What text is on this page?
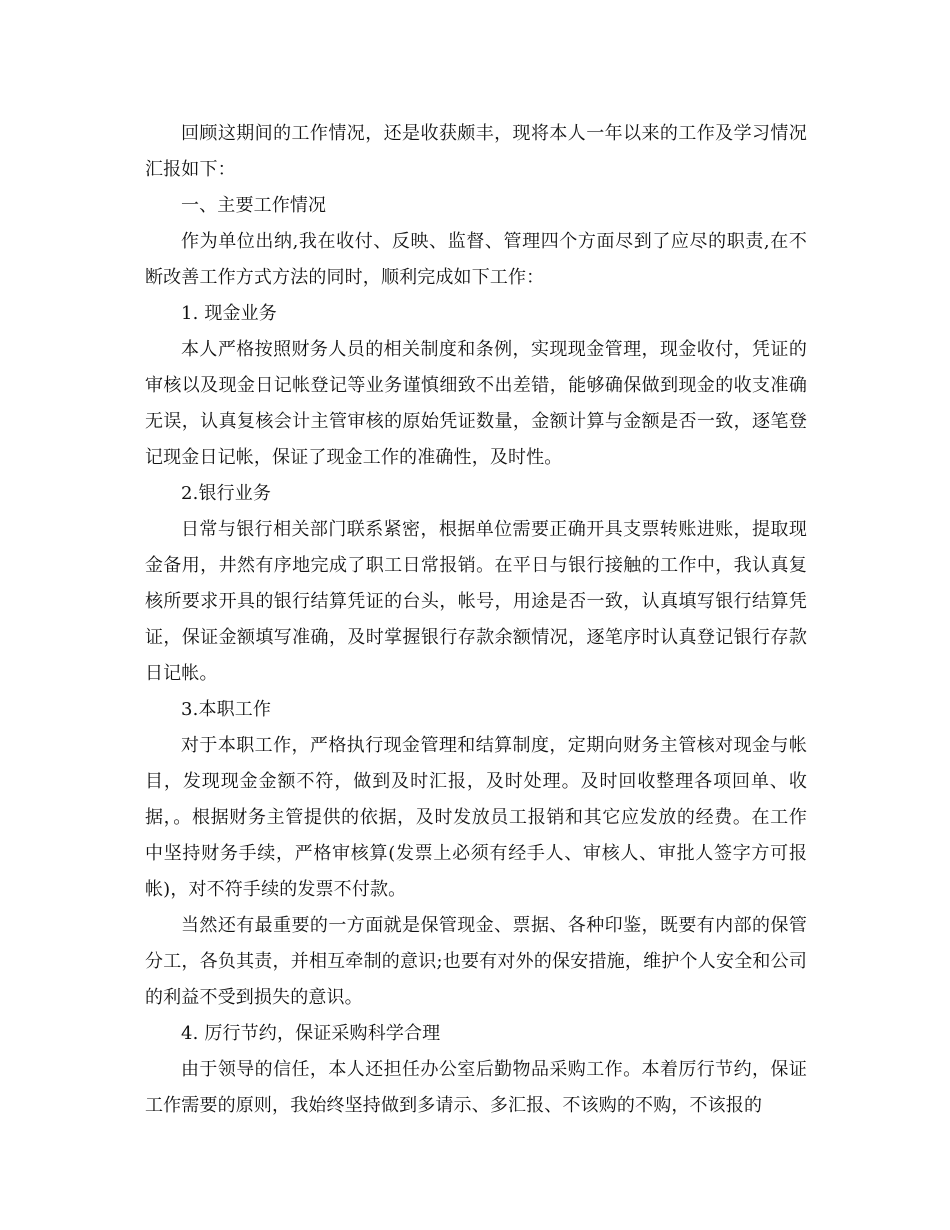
回顾这期间的工作情况，还是收获颇丰，现将本人一年以来的工作及学习情况汇报如下：

一、主要工作情况

作为单位出纳,我在收付、反映、监督、管理四个方面尽到了应尽的职责,在不断改善工作方式方法的同时，顺利完成如下工作：

1. 现金业务

本人严格按照财务人员的相关制度和条例，实现现金管理，现金收付，凭证的审核以及现金日记帐登记等业务谨慎细致不出差错，能够确保做到现金的收支准确无误，认真复核会计主管审核的原始凭证数量，金额计算与金额是否一致，逐笔登记现金日记帐，保证了现金工作的准确性，及时性。

2.银行业务

日常与银行相关部门联系紧密，根据单位需要正确开具支票转账进账，提取现金备用，井然有序地完成了职工日常报销。在平日与银行接触的工作中，我认真复核所要求开具的银行结算凭证的台头，帐号，用途是否一致，认真填写银行结算凭证，保证金额填写准确，及时掌握银行存款余额情况，逐笔序时认真登记银行存款日记帐。

3.本职工作

对于本职工作，严格执行现金管理和结算制度，定期向财务主管核对现金与帐目，发现现金金额不符，做到及时汇报，及时处理。及时回收整理各项回单、收据，。根据财务主管提供的依据，及时发放员工报销和其它应发放的经费。在工作中坚持财务手续，严格审核算(发票上必须有经手人、审核人、审批人签字方可报帐)，对不符手续的发票不付款。

当然还有最重要的一方面就是保管现金、票据、各种印鉴，既要有内部的保管分工，各负其责，并相互牵制的意识;也要有对外的保安措施，维护个人安全和公司的利益不受到损失的意识。

4. 厉行节约，保证采购科学合理

由于领导的信任，本人还担任办公室后勤物品采购工作。本着厉行节约，保证工作需要的原则，我始终坚持做到多请示、多汇报、不该购的不购，不该报的
